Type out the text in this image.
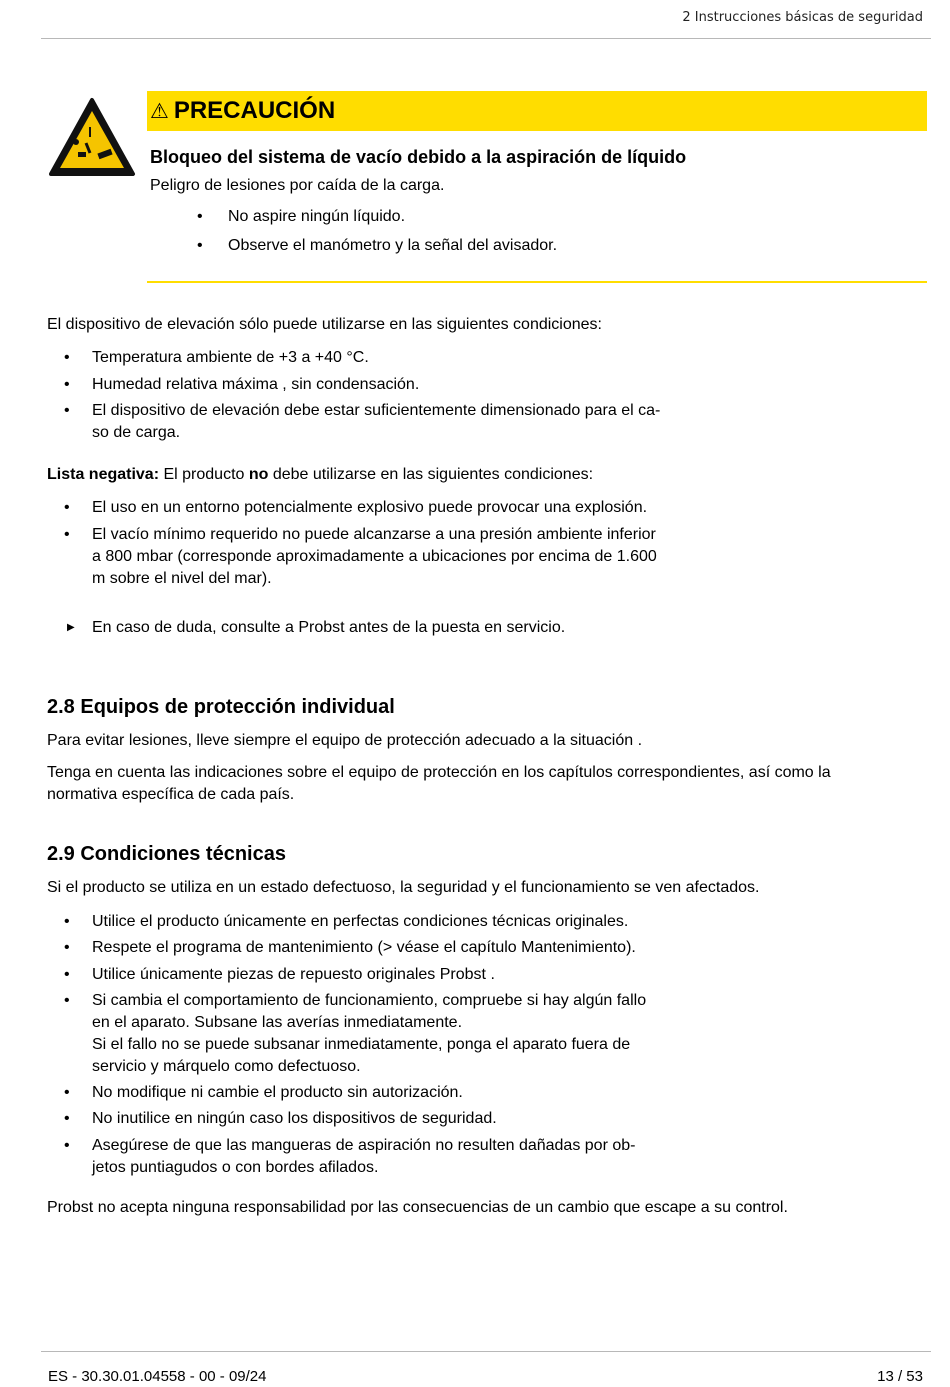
2 Instrucciones básicas de seguridad
⚠ PRECAUCIÓN
Bloqueo del sistema de vacío debido a la aspiración de líquido
Peligro de lesiones por caída de la carga.
• No aspire ningún líquido.
• Observe el manómetro y la señal del avisador.
El dispositivo de elevación sólo puede utilizarse en las siguientes condiciones:
• Temperatura ambiente de +3 a +40 °C.
• Humedad relativa máxima , sin condensación.
• El dispositivo de elevación debe estar suficientemente dimensionado para el ca-
so de carga.
Lista negativa: El producto no debe utilizarse en las siguientes condiciones:
• El uso en un entorno potencialmente explosivo puede provocar una explosión.
• El vacío mínimo requerido no puede alcanzarse a una presión ambiente inferior
a 800 mbar (corresponde aproximadamente a ubicaciones por encima de 1.600
m sobre el nivel del mar).
▶ En caso de duda, consulte a Probst antes de la puesta en servicio.
2.8 Equipos de protección individual
Para evitar lesiones, lleve siempre el equipo de protección adecuado a la situación .
Tenga en cuenta las indicaciones sobre el equipo de protección en los capítulos correspondientes, así como la
normativa específica de cada país.
2.9 Condiciones técnicas
Si el producto se utiliza en un estado defectuoso, la seguridad y el funcionamiento se ven afectados.
• Utilice el producto únicamente en perfectas condiciones técnicas originales.
• Respete el programa de mantenimiento (> véase el capítulo Mantenimiento).
• Utilice únicamente piezas de repuesto originales Probst .
• Si cambia el comportamiento de funcionamiento, compruebe si hay algún fallo
en el aparato. Subsane las averías inmediatamente.
Si el fallo no se puede subsanar inmediatamente, ponga el aparato fuera de
servicio y márquelo como defectuoso.
• No modifique ni cambie el producto sin autorización.
• No inutilice en ningún caso los dispositivos de seguridad.
• Asegúrese de que las mangueras de aspiración no resulten dañadas por ob-
jetos puntiagudos o con bordes afilados.
Probst no acepta ninguna responsabilidad por las consecuencias de un cambio que escape a su control.
ES - 30.30.01.04558 - 00 - 09/24	13 / 53
